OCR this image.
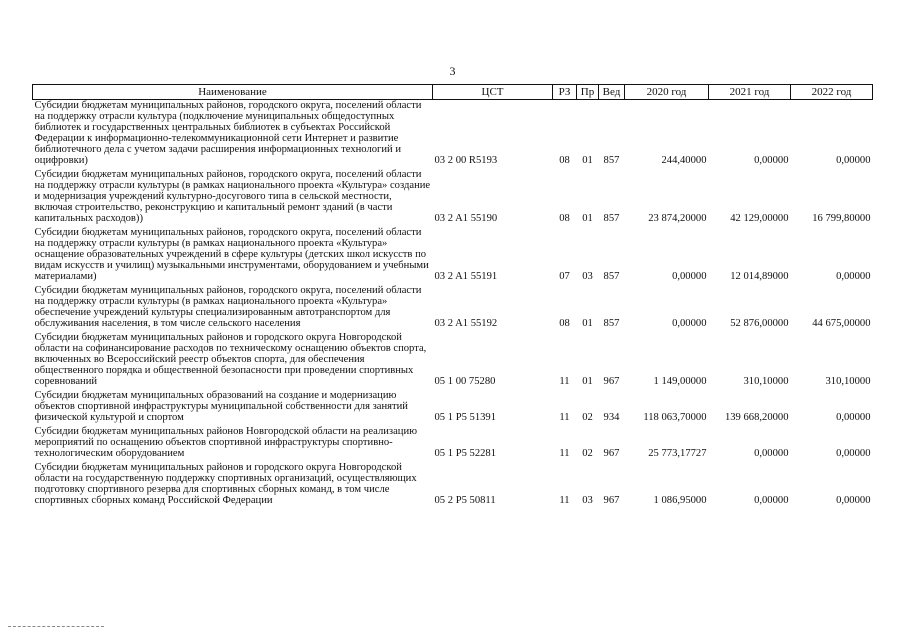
3
Наименование	ЦСТ	РЗ	Пр	Вед	2020 год	2021 год	2022 год
Субсидии бюджетам муниципальных районов, городского округа, поселений области на поддержку отрасли культура (подключение муниципальных общедоступных библиотек и государственных центральных библиотек в субъектах Российской Федерации к информационно-телекоммуникационной сети Интернет и развитие библиотечного дела с учетом задачи расширения информационных технологий и оцифровки)	03 2 00 R5193	08	01	857	244,40000	0,00000	0,00000
Субсидии бюджетам муниципальных районов, городского округа, поселений области на поддержку отрасли культуры (в рамках национального проекта «Культура» создание и модернизация учреждений культурно-досугового типа в сельской местности, включая строительство, реконструкцию и капитальный ремонт зданий (в части капитальных расходов))	03 2 A1 55190	08	01	857	23 874,20000	42 129,00000	16 799,80000
Субсидии бюджетам муниципальных районов, городского округа, поселений области на поддержку отрасли культуры (в рамках национального проекта «Культура» оснащение образовательных учреждений в сфере культуры (детских школ искусств по видам искусств и училищ) музыкальными инструментами, оборудованием и учебными материалами)	03 2 A1 55191	07	03	857	0,00000	12 014,89000	0,00000
Субсидии бюджетам муниципальных районов, городского округа, поселений области на поддержку отрасли культуры (в рамках национального проекта «Культура» обеспечение учреждений культуры специализированным автотранспортом для обслуживания населения, в том числе сельского населения	03 2 A1 55192	08	01	857	0,00000	52 876,00000	44 675,00000
Субсидии бюджетам муниципальных районов и городского округа Новгородской области на софинансирование расходов по техническому оснащению объектов спорта, включенных во Всероссийский реестр объектов спорта, для обеспечения общественного порядка и общественной безопасности при проведении спортивных соревнований	05 1 00 75280	11	01	967	1 149,00000	310,10000	310,10000
Субсидии бюджетам муниципальных образований на создание и модернизацию объектов спортивной инфраструктуры муниципальной собственности для занятий физической культурой и спортом	05 1 P5 51391	11	02	934	118 063,70000	139 668,20000	0,00000
Субсидии бюджетам муниципальных районов Новгородской области на реализацию мероприятий по оснащению объектов спортивной инфраструктуры спортивно-технологическим оборудованием	05 1 P5 52281	11	02	967	25 773,17727	0,00000	0,00000
Субсидии бюджетам муниципальных районов и городского округа Новгородской области на государственную поддержку спортивных организаций, осуществляющих подготовку спортивного резерва для спортивных сборных команд, в том числе спортивных сборных команд Российской Федерации	05 2 P5 50811	11	03	967	1 086,95000	0,00000	0,00000
